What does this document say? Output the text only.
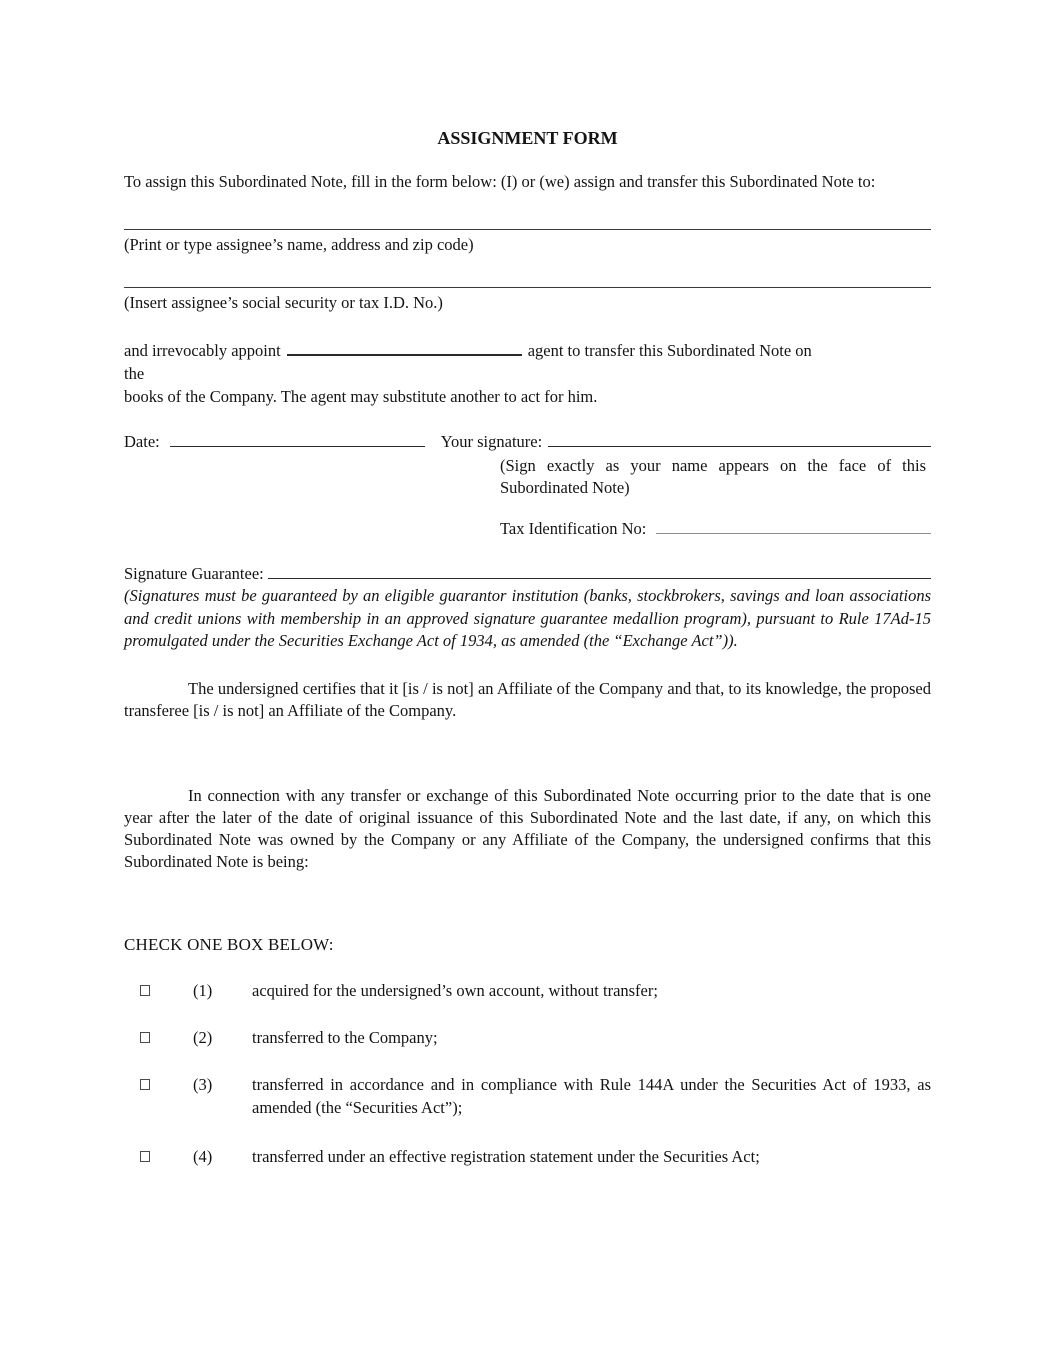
ASSIGNMENT FORM

To assign this Subordinated Note, fill in the form below: (I) or (we) assign and transfer this Subordinated Note to:

(Print or type assignee’s name, address and zip code)
(Insert assignee’s social security or tax I.D. No.)
and irrevocably appoint	agent to transfer this Subordinated Note on
the
books of the Company. The agent may substitute another to act for him.
Date:	Your signature:

(Sign exactly as your name appears on the face of this Subordinated Note)

Tax Identification No:
Signature Guarantee:

(Signatures must be guaranteed by an eligible guarantor institution (banks, stockbrokers, savings and loan associations and credit unions with membership in an approved signature guarantee medallion program), pursuant to Rule 17Ad-15 promulgated under the Securities Exchange Act of 1934, as amended (the “Exchange Act”)).

The undersigned certifies that it [is / is not] an Affiliate of the Company and that, to its knowledge, the proposed transferee [is / is not] an Affiliate of the Company.

In connection with any transfer or exchange of this Subordinated Note occurring prior to the date that is one year after the later of the date of original issuance of this Subordinated Note and the last date, if any, on which this Subordinated Note was owned by the Company or any Affiliate of the Company, the undersigned confirms that this Subordinated Note is being:

CHECK ONE BOX BELOW:
(1)	acquired for the undersigned’s own account, without transfer;
(2)	transferred to the Company;
(3)	transferred in accordance and in compliance with Rule 144A under the Securities Act of 1933, as amended (the “Securities Act”);
(4)	transferred under an effective registration statement under the Securities Act;
